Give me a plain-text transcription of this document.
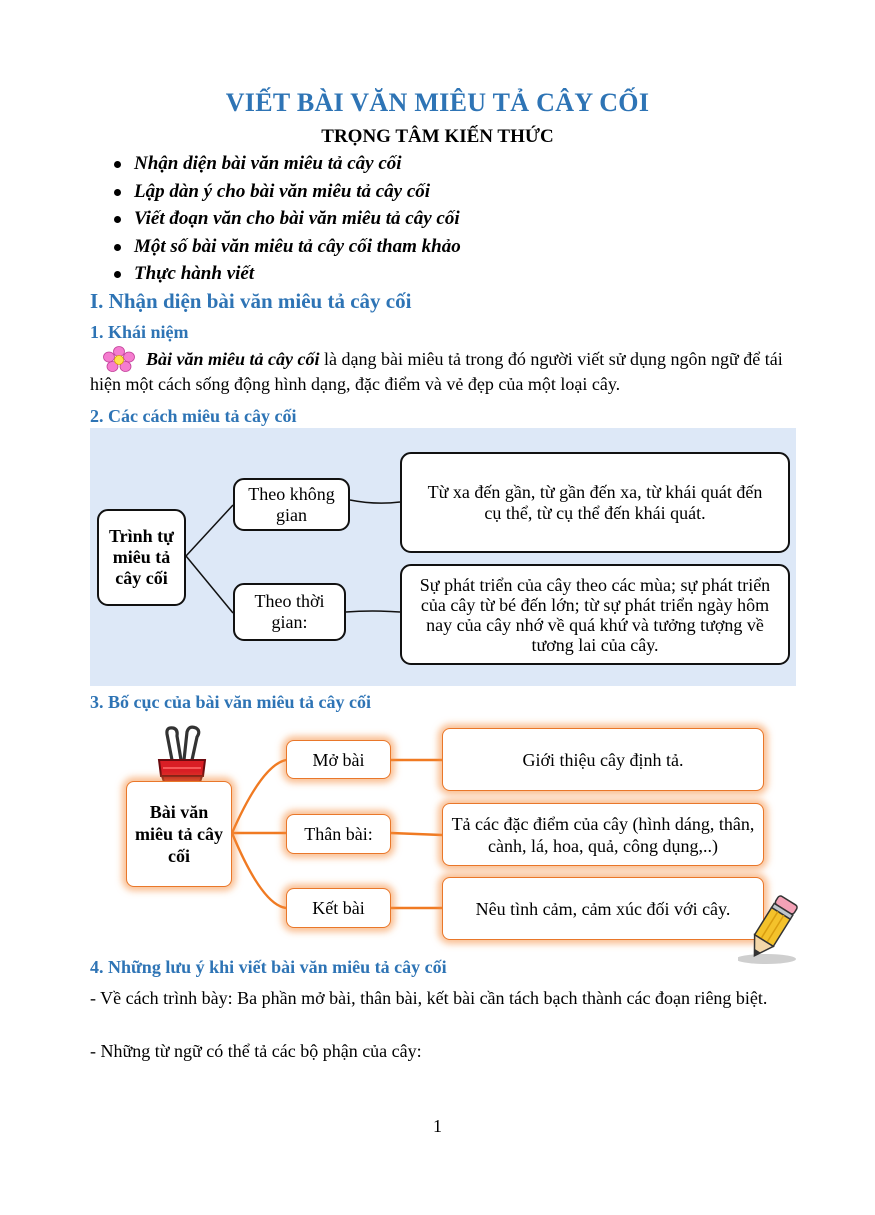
VIẾT BÀI VĂN MIÊU TẢ CÂY CỐI
TRỌNG TÂM KIẾN THỨC
Nhận diện bài văn miêu tả cây cối
Lập dàn ý cho bài văn miêu tả cây cối
Viết đoạn văn cho bài văn miêu tả cây cối
Một số bài văn miêu tả cây cối tham khảo
Thực hành viết
I. Nhận diện bài văn miêu tả cây cối
1. Khái niệm
Bài văn miêu tả cây cối là dạng bài miêu tả trong đó người viết sử dụng ngôn ngữ để tái hiện một cách sống động hình dạng, đặc điểm và vẻ đẹp của một loại cây.
2. Các cách miêu tả cây cối
Trình tự miêu tả cây cối
Theo không gian
Từ xa đến gần, từ gần đến xa, từ khái quát đến cụ thể, từ cụ thể đến khái quát.
Theo thời gian:
Sự phát triển của cây theo các mùa; sự phát triển của cây từ bé đến lớn; từ sự phát triển ngày hôm nay của cây nhớ về quá khứ và tưởng tượng về tương lai của cây.
3. Bố cục của bài văn miêu tả cây cối
Bài văn miêu tả cây cối
Mở bài	Giới thiệu cây định tả.
Thân bài:
Tả các đặc điểm của cây (hình dáng, thân, cành, lá, hoa, quả, công dụng,..)
Kết bài	Nêu tình cảm, cảm xúc đối với cây.
4. Những lưu ý khi viết bài văn miêu tả cây cối
- Về cách trình bày: Ba phần mở bài, thân bài, kết bài cần tách bạch thành các đoạn riêng biệt.
- Những từ ngữ có thể tả các bộ phận của cây:
1
